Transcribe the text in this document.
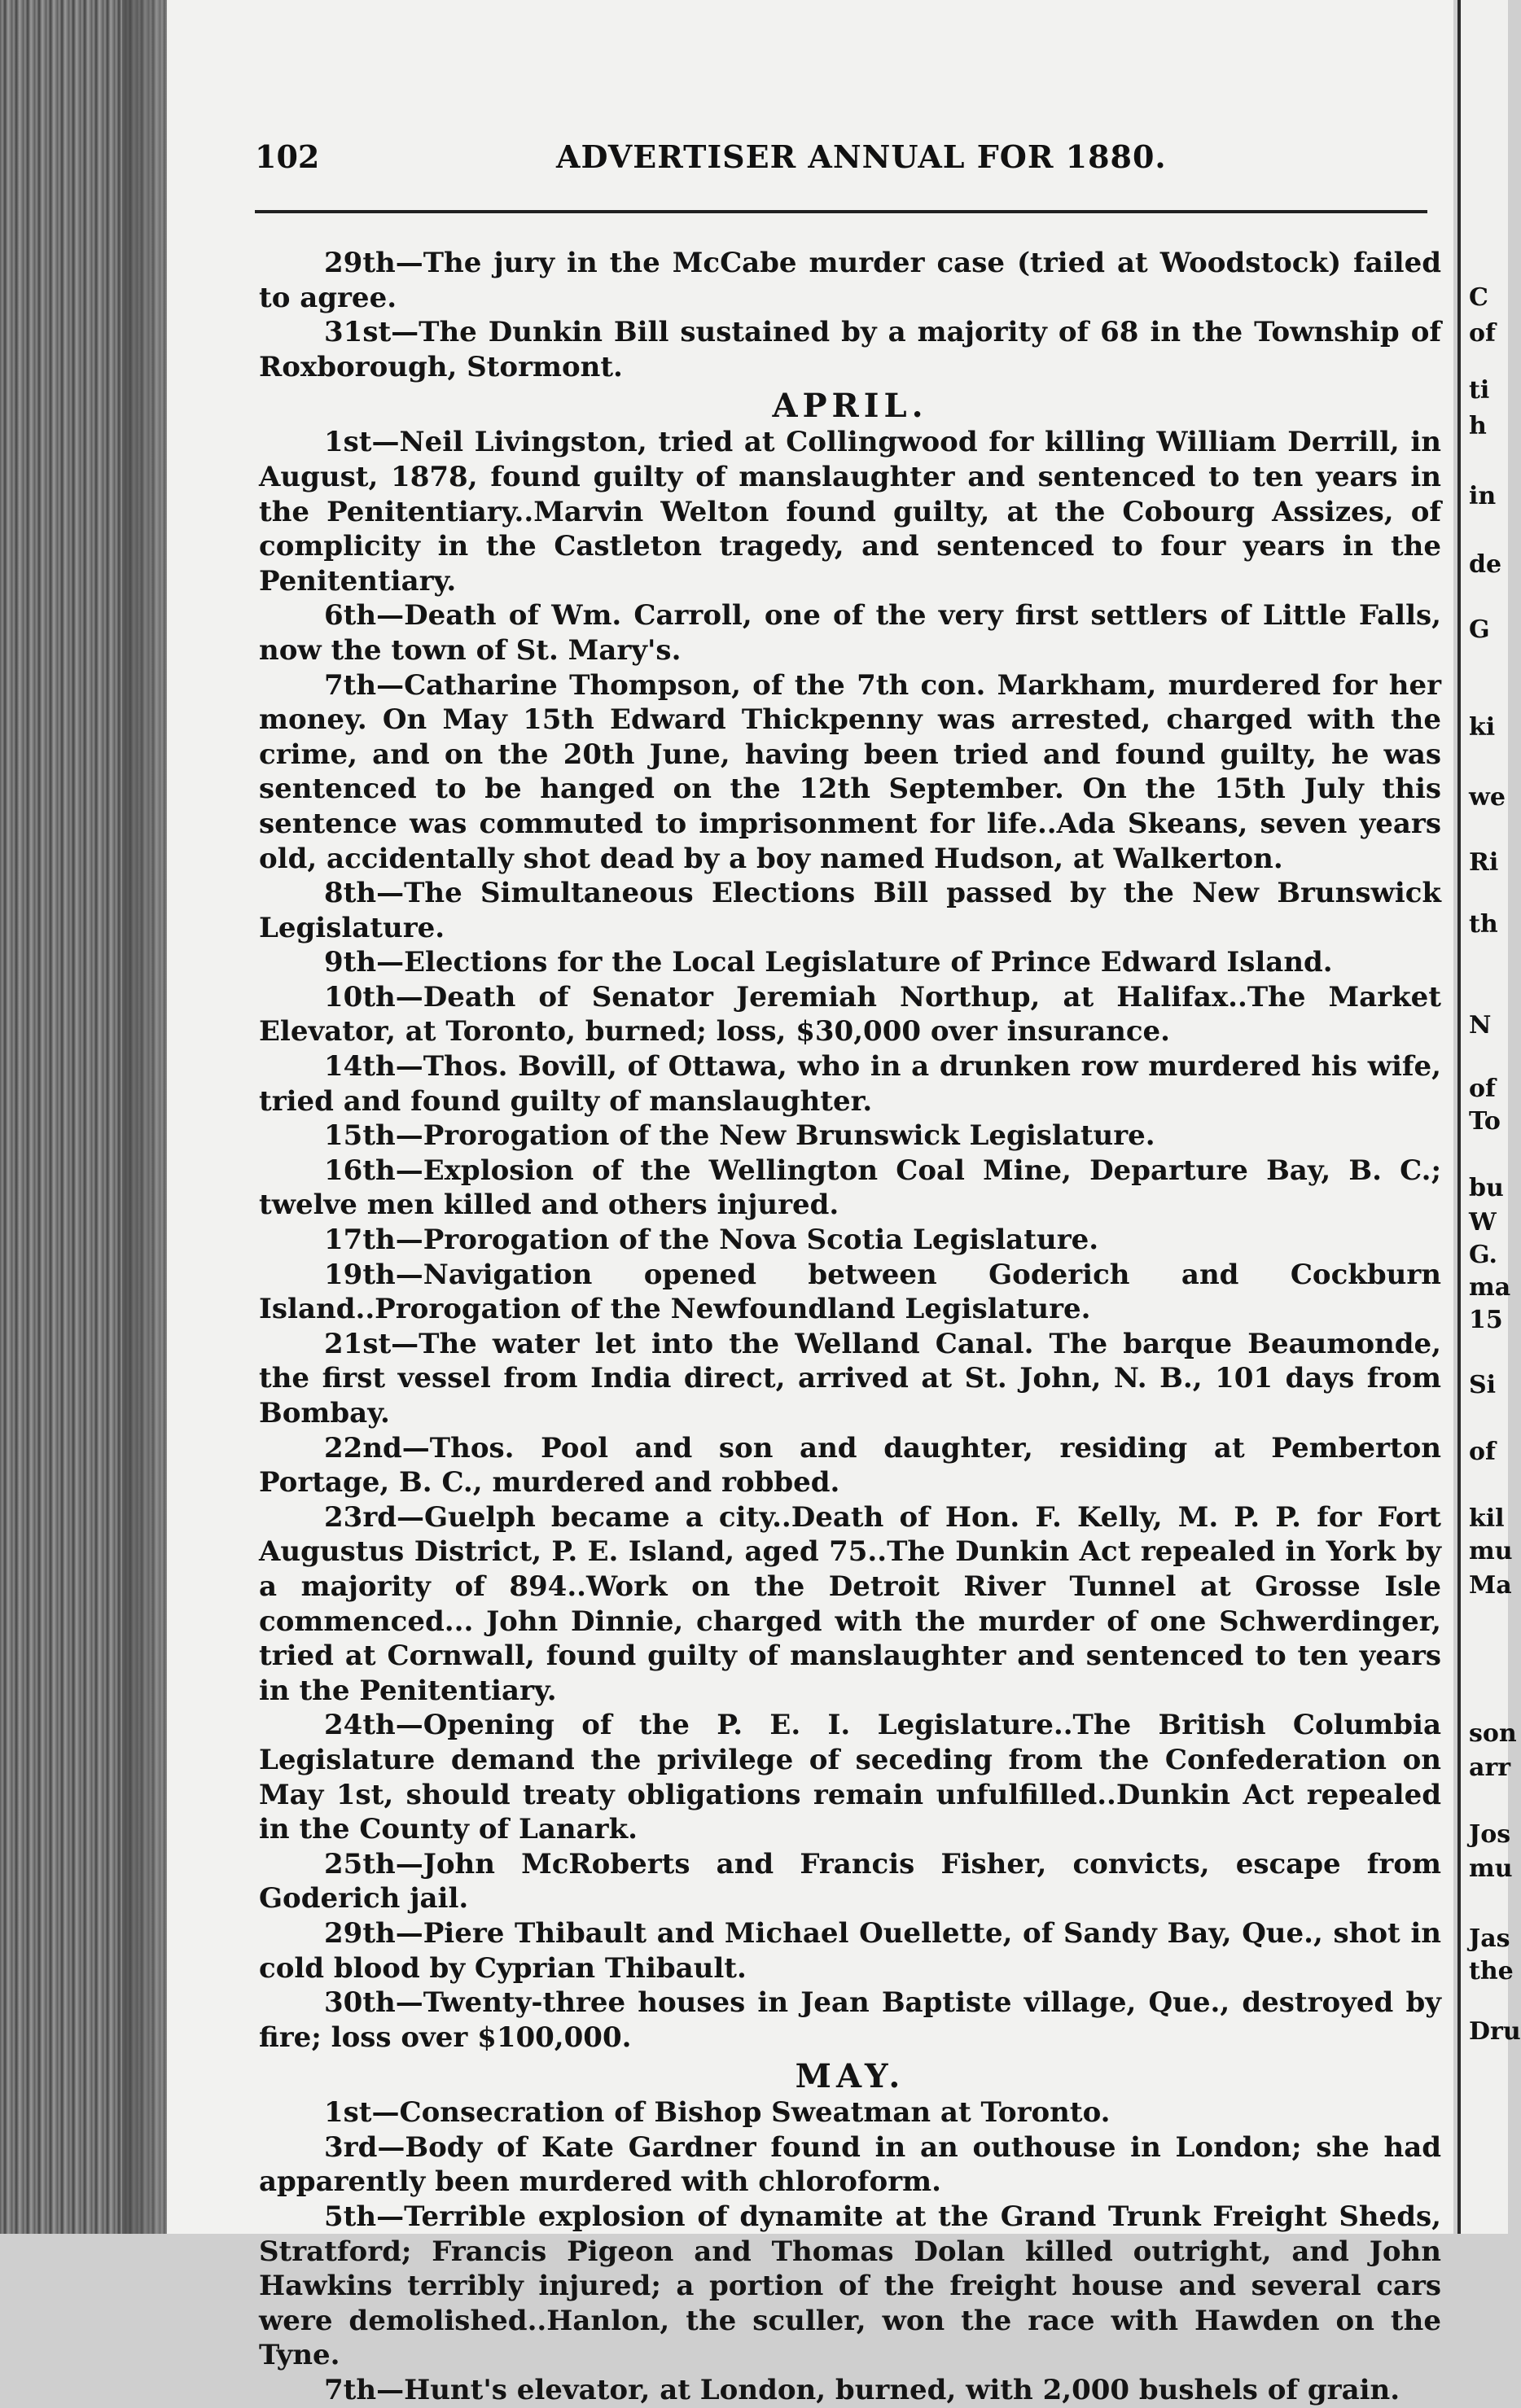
C
of
ti
h
in
de
G
ki
we
Ri
th
N
of
To
bu
W
G.
ma
15
Si
of
kil
mu
Ma
son
arr
Jos
mu
Jas
the
Dru
102	ADVERTISER ANNUAL FOR 1880.

29th—The jury in the McCabe murder case (tried at Woodstock) failed to agree.

31st—The Dunkin Bill sustained by a majority of 68 in the Township of Roxborough, Stormont.

APRIL.

1st—Neil Livingston, tried at Collingwood for killing William Derrill, in August, 1878, found guilty of manslaughter and sentenced to ten years in the Penitentiary..Marvin Welton found guilty, at the Cobourg Assizes, of complicity in the Castleton tragedy, and sentenced to four years in the Penitentiary.

6th—Death of Wm. Carroll, one of the very first settlers of Little Falls, now the town of St. Mary's.

7th—Catharine Thompson, of the 7th con. Markham, murdered for her money. On May 15th Edward Thickpenny was arrested, charged with the crime, and on the 20th June, having been tried and found guilty, he was sentenced to be hanged on the 12th September. On the 15th July this sentence was commuted to imprisonment for life..Ada Skeans, seven years old, accidentally shot dead by a boy named Hudson, at Walkerton.

8th—The Simultaneous Elections Bill passed by the New Brunswick Legislature.

9th—Elections for the Local Legislature of Prince Edward Island.

10th—Death of Senator Jeremiah Northup, at Halifax..The Market Elevator, at Toronto, burned; loss, $30,000 over insurance.

14th—Thos. Bovill, of Ottawa, who in a drunken row murdered his wife, tried and found guilty of manslaughter.

15th—Prorogation of the New Brunswick Legislature.

16th—Explosion of the Wellington Coal Mine, Departure Bay, B. C.; twelve men killed and others injured.

17th—Prorogation of the Nova Scotia Legislature.

19th—Navigation opened between Goderich and Cockburn Island..Prorogation of the Newfoundland Legislature.

21st—The water let into the Welland Canal. The barque Beaumonde, the first vessel from India direct, arrived at St. John, N. B., 101 days from Bombay.

22nd—Thos. Pool and son and daughter, residing at Pemberton Portage, B. C., murdered and robbed.

23rd—Guelph became a city..Death of Hon. F. Kelly, M. P. P. for Fort Augustus District, P. E. Island, aged 75..The Dunkin Act repealed in York by a majority of 894..Work on the Detroit River Tunnel at Grosse Isle commenced... John Dinnie, charged with the murder of one Schwerdinger, tried at Cornwall, found guilty of manslaughter and sentenced to ten years in the Penitentiary.

24th—Opening of the P. E. I. Legislature..The British Columbia Legislature demand the privilege of seceding from the Confederation on May 1st, should treaty obligations remain unfulfilled..Dunkin Act repealed in the County of Lanark.

25th—John McRoberts and Francis Fisher, convicts, escape from Goderich jail.

29th—Piere Thibault and Michael Ouellette, of Sandy Bay, Que., shot in cold blood by Cyprian Thibault.

30th—Twenty-three houses in Jean Baptiste village, Que., destroyed by fire; loss over $100,000.

MAY.

1st—Consecration of Bishop Sweatman at Toronto.

3rd—Body of Kate Gardner found in an outhouse in London; she had apparently been murdered with chloroform.

5th—Terrible explosion of dynamite at the Grand Trunk Freight Sheds, Stratford; Francis Pigeon and Thomas Dolan killed outright, and John Hawkins terribly injured; a portion of the freight house and several cars were demolished..Hanlon, the sculler, won the race with Hawden on the Tyne.

7th—Hunt's elevator, at London, burned, with 2,000 bushels of grain.
